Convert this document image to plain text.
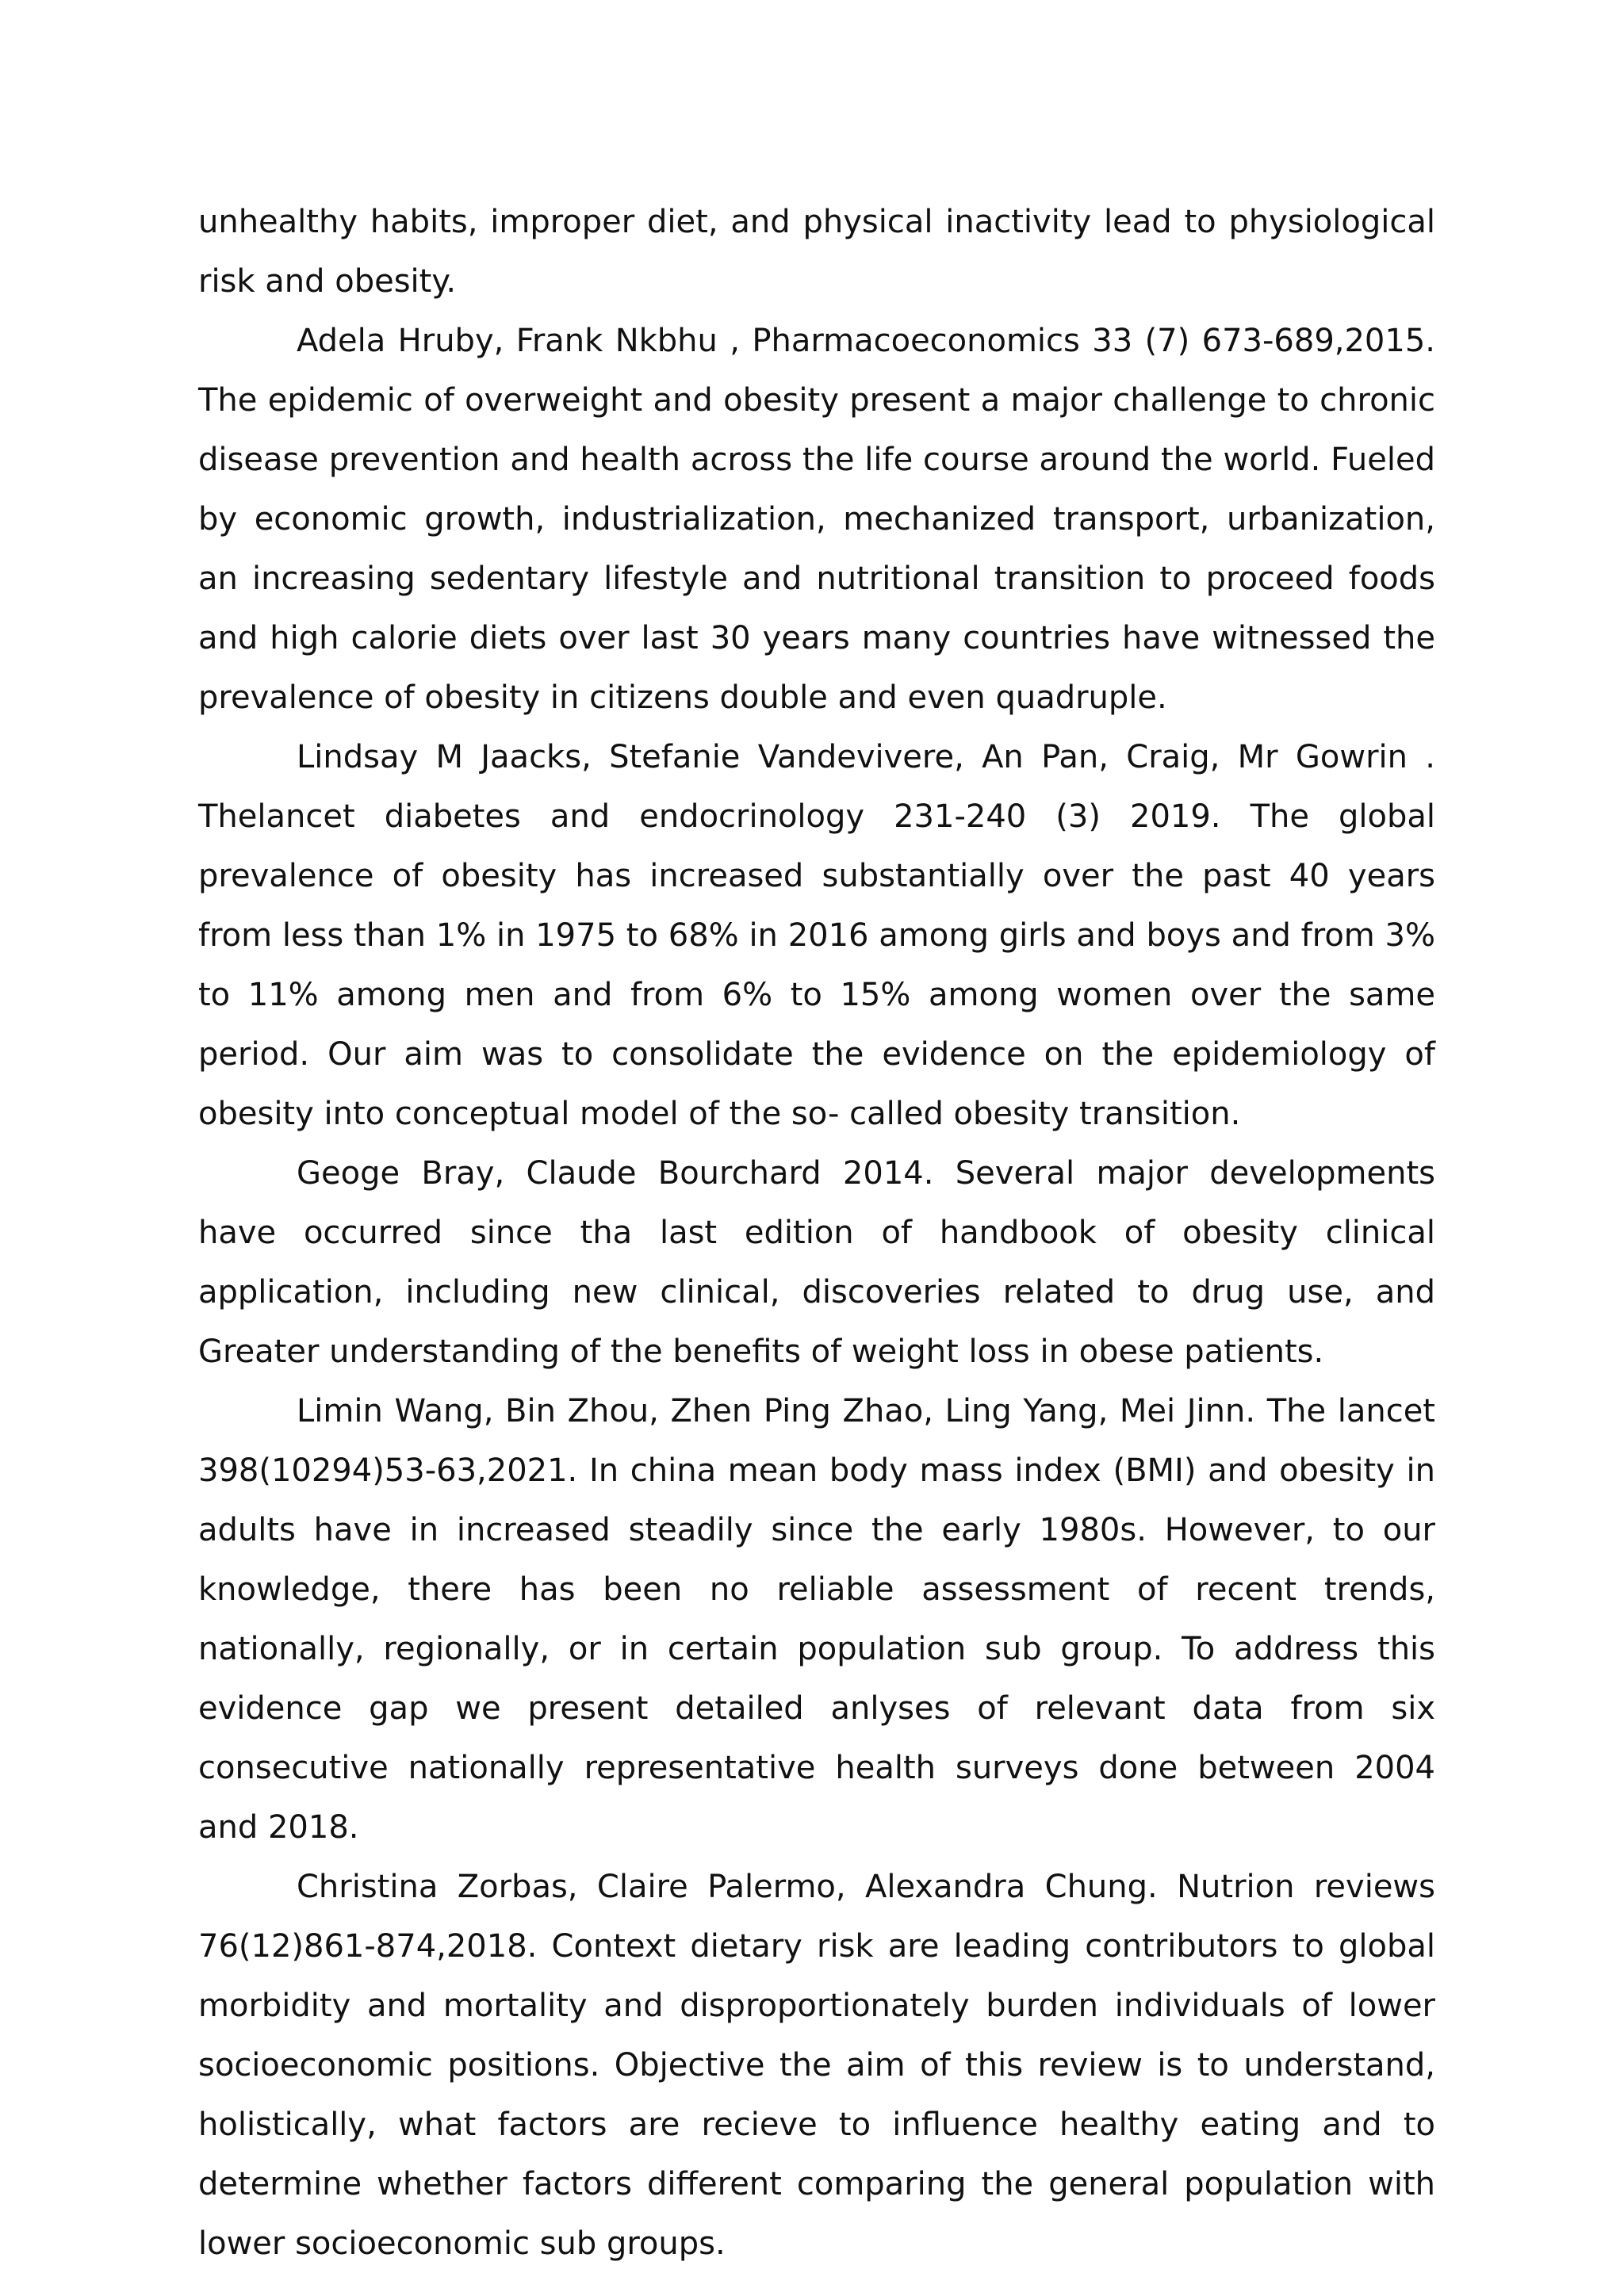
unhealthy habits, improper diet, and physical inactivity lead to physiological risk and obesity.

Adela Hruby, Frank Nkbhu , Pharmacoeconomics 33 (7) 673-689,2015. The epidemic of overweight and obesity present a major challenge to chronic disease prevention and health across the life course around the world. Fueled by economic growth, industrialization, mechanized transport, urbanization, an increasing sedentary lifestyle and nutritional transition to proceed foods and high calorie diets over last 30 years many countries have witnessed the prevalence of obesity in citizens double and even quadruple.

Lindsay M Jaacks, Stefanie Vandevivere, An Pan, Craig, Mr Gowrin . Thelancet diabetes and endocrinology 231-240 (3) 2019. The global prevalence of obesity has increased substantially over the past 40 years from less than 1% in 1975 to 68% in 2016 among girls and boys and from 3% to 11% among men and from 6% to 15% among women over the same period. Our aim was to consolidate the evidence on the epidemiology of obesity into conceptual model of the so- called obesity transition.

Geoge Bray, Claude Bourchard 2014. Several major developments have occurred since tha last edition of handbook of obesity clinical application, including new clinical, discoveries related to drug use, and Greater understanding of the benefits of weight loss in obese patients.

Limin Wang, Bin Zhou, Zhen Ping Zhao, Ling Yang, Mei Jinn. The lancet 398(10294)53-63,2021. In china mean body mass index (BMI) and obesity in adults have in increased steadily since the early 1980s. However, to our knowledge, there has been no reliable assessment of recent trends, nationally, regionally, or in certain population sub group. To address this evidence gap we present detailed anlyses of relevant data from six consecutive nationally representative health surveys done between 2004 and 2018.

Christina Zorbas, Claire Palermo, Alexandra Chung. Nutrion reviews 76(12)861-874,2018. Context dietary risk are leading contributors to global morbidity and mortality and disproportionately burden individuals of lower socioeconomic positions. Objective the aim of this review is to understand, holistically, what factors are recieve to influence healthy eating and to determine whether factors different comparing the general population with lower socioeconomic sub groups.
